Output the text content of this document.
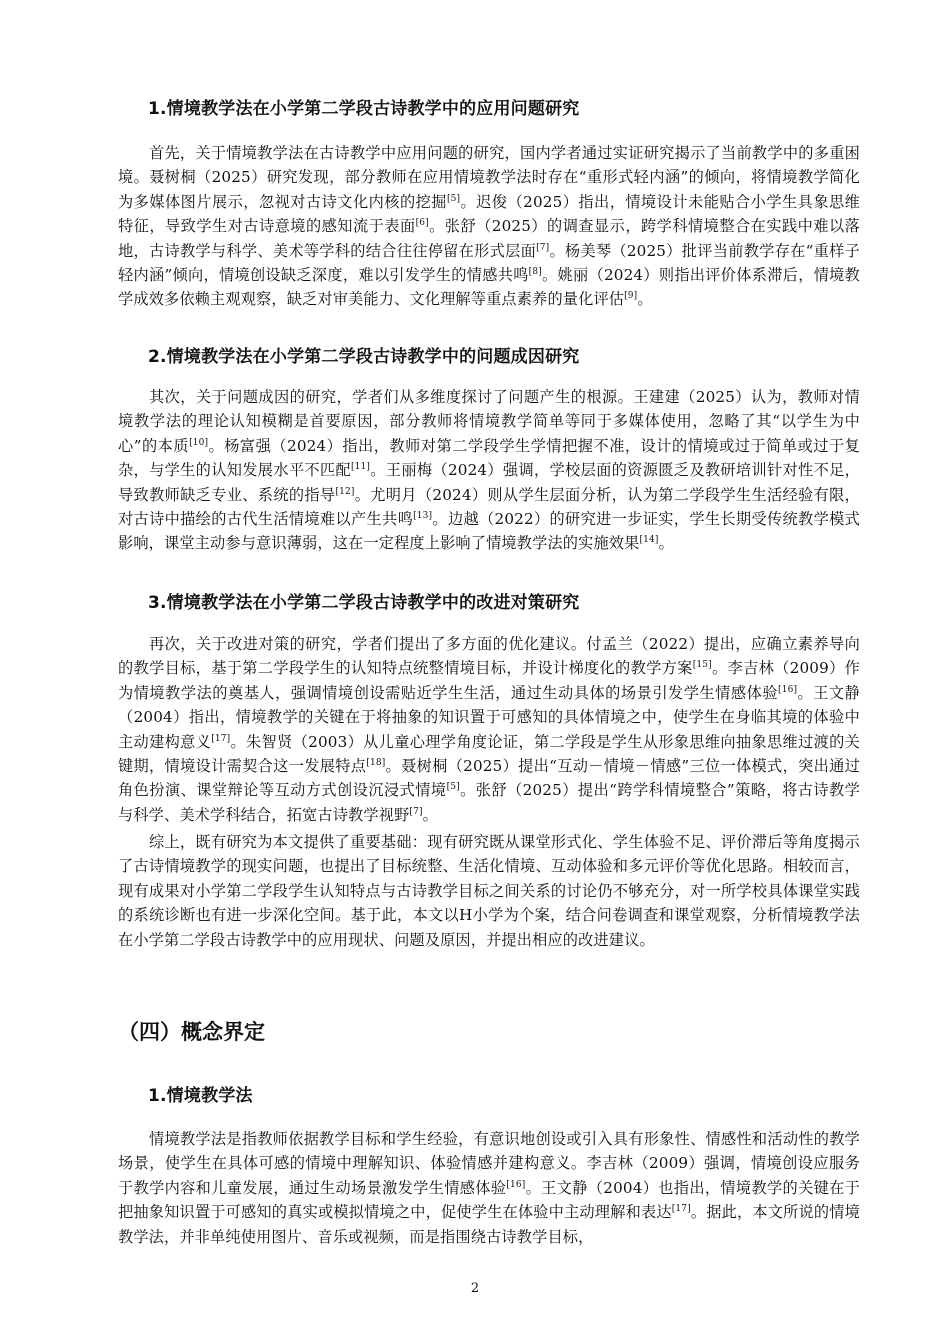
1.情境教学法在小学第二学段古诗教学中的应用问题研究

首先，关于情境教学法在古诗教学中应用问题的研究，国内学者通过实证研究揭示了当前教学中的多重困境。聂树桐（2025）研究发现，部分教师在应用情境教学法时存在“重形式轻内涵”的倾向，将情境教学简化为多媒体图片展示，忽视对古诗文化内核的挖掘[5]。迟俊（2025）指出，情境设计未能贴合小学生具象思维特征，导致学生对古诗意境的感知流于表面[6]。张舒（2025）的调查显示，跨学科情境整合在实践中难以落地，古诗教学与科学、美术等学科的结合往往停留在形式层面[7]。杨美琴（2025）批评当前教学存在“重样子轻内涵”倾向，情境创设缺乏深度，难以引发学生的情感共鸣[8]。姚丽（2024）则指出评价体系滞后，情境教学成效多依赖主观观察，缺乏对审美能力、文化理解等重点素养的量化评估[9]。

2.情境教学法在小学第二学段古诗教学中的问题成因研究

其次，关于问题成因的研究，学者们从多维度探讨了问题产生的根源。王建建（2025）认为，教师对情境教学法的理论认知模糊是首要原因，部分教师将情境教学简单等同于多媒体使用，忽略了其“以学生为中心”的本质[10]。杨富强（2024）指出，教师对第二学段学生学情把握不准，设计的情境或过于简单或过于复杂，与学生的认知发展水平不匹配[11]。王丽梅（2024）强调，学校层面的资源匮乏及教研培训针对性不足，导致教师缺乏专业、系统的指导[12]。尤明月（2024）则从学生层面分析，认为第二学段学生生活经验有限，对古诗中描绘的古代生活情境难以产生共鸣[13]。边越（2022）的研究进一步证实，学生长期受传统教学模式影响，课堂主动参与意识薄弱，这在一定程度上影响了情境教学法的实施效果[14]。

3.情境教学法在小学第二学段古诗教学中的改进对策研究

再次，关于改进对策的研究，学者们提出了多方面的优化建议。付孟兰（2022）提出，应确立素养导向的教学目标，基于第二学段学生的认知特点统整情境目标，并设计梯度化的教学方案[15]。李吉林（2009）作为情境教学法的奠基人，强调情境创设需贴近学生生活，通过生动具体的场景引发学生情感体验[16]。王文静（2004）指出，情境教学的关键在于将抽象的知识置于可感知的具体情境之中，使学生在身临其境的体验中主动建构意义[17]。朱智贤（2003）从儿童心理学角度论证，第二学段是学生从形象思维向抽象思维过渡的关键期，情境设计需契合这一发展特点[18]。聂树桐（2025）提出“互动－情境－情感”三位一体模式，突出通过角色扮演、课堂辩论等互动方式创设沉浸式情境[5]。张舒（2025）提出“跨学科情境整合”策略，将古诗教学与科学、美术学科结合，拓宽古诗教学视野[7]。

综上，既有研究为本文提供了重要基础：现有研究既从课堂形式化、学生体验不足、评价滞后等角度揭示了古诗情境教学的现实问题，也提出了目标统整、生活化情境、互动体验和多元评价等优化思路。相较而言，现有成果对小学第二学段学生认知特点与古诗教学目标之间关系的讨论仍不够充分，对一所学校具体课堂实践的系统诊断也有进一步深化空间。基于此，本文以H小学为个案，结合问卷调查和课堂观察，分析情境教学法在小学第二学段古诗教学中的应用现状、问题及原因，并提出相应的改进建议。

（四）概念界定
1.情境教学法

情境教学法是指教师依据教学目标和学生经验，有意识地创设或引入具有形象性、情感性和活动性的教学场景，使学生在具体可感的情境中理解知识、体验情感并建构意义。李吉林（2009）强调，情境创设应服务于教学内容和儿童发展，通过生动场景激发学生情感体验[16]。王文静（2004）也指出，情境教学的关键在于把抽象知识置于可感知的真实或模拟情境之中，促使学生在体验中主动理解和表达[17]。据此，本文所说的情境教学法，并非单纯使用图片、音乐或视频，而是指围绕古诗教学目标，

2
